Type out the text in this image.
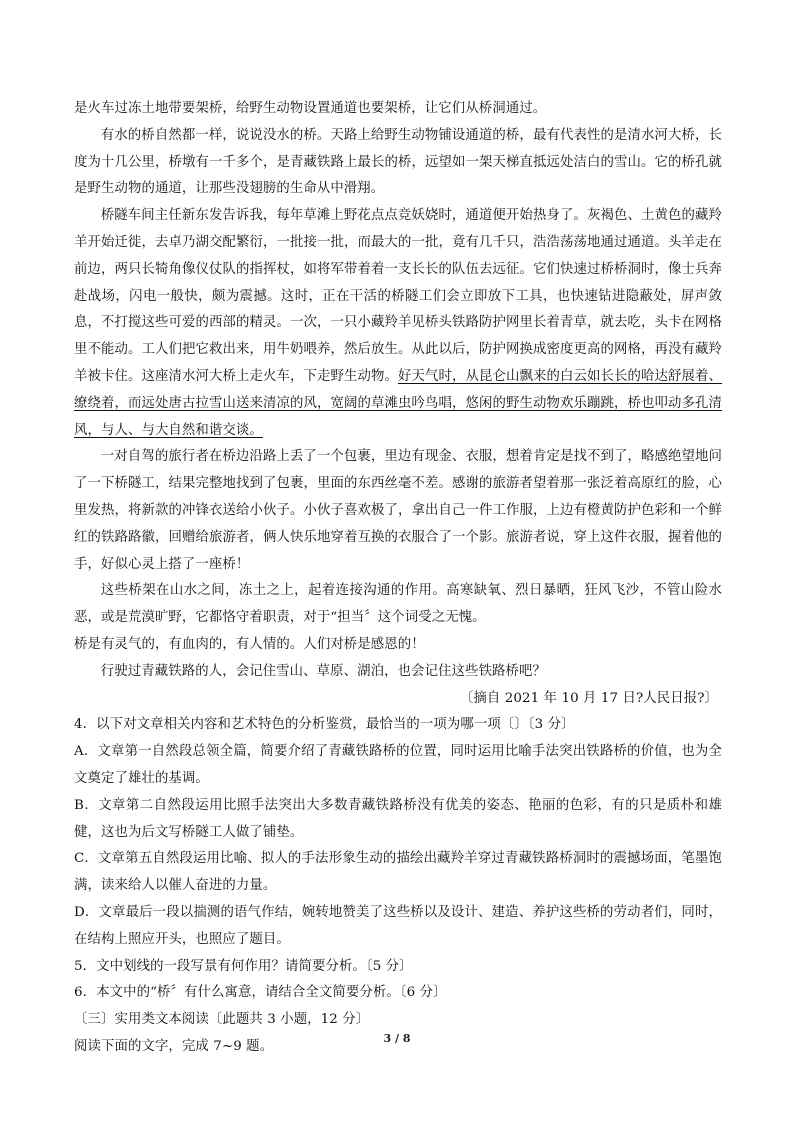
是火车过冻土地带要架桥，给野生动物设置通道也要架桥，让它们从桥洞通过。

有水的桥自然都一样，说说没水的桥。天路上给野生动物铺设通道的桥，最有代表性的是清水河大桥，长度为十几公里，桥墩有一千多个，是青藏铁路上最长的桥，远望如一架天梯直抵远处洁白的雪山。它的桥孔就是野生动物的通道，让那些没翅膀的生命从中滑翔。

桥隧车间主任新东发告诉我，每年草滩上野花点点竞妖娆时，通道便开始热身了。灰褐色、土黄色的藏羚羊开始迁徙，去卓乃湖交配繁衍，一批接一批，而最大的一批，竟有几千只，浩浩荡荡地通过通道。头羊走在前边，两只长犄角像仪仗队的指挥杖，如将军带着着一支长长的队伍去远征。它们快速过桥桥洞时，像士兵奔赴战场，闪电一般快，颇为震撼。这时，正在干活的桥隧工们会立即放下工具，也快速钻进隐蔽处，屏声敛息，不打搅这些可爱的西部的精灵。一次，一只小藏羚羊见桥头铁路防护网里长着青草，就去吃，头卡在网格里不能动。工人们把它救出来，用牛奶喂养，然后放生。从此以后，防护网换成密度更高的网格，再没有藏羚羊被卡住。这座清水河大桥上走火车，下走野生动物。好天气时，从昆仑山飘来的白云如长长的哈达舒展着、缭绕着，而远处唐古拉雪山送来清凉的风，宽阔的草滩虫吟鸟唱，悠闲的野生动物欢乐蹦跳，桥也叩动多孔清风，与人、与大自然和谐交谈。

一对自驾的旅行者在桥边沿路上丢了一个包裹，里边有现金、衣服，想着肯定是找不到了，略感绝望地问了一下桥隧工，结果完整地找到了包裹，里面的东西丝毫不差。感谢的旅游者望着那一张泛着高原红的脸，心里发热，将新款的冲锋衣送给小伙子。小伙子喜欢极了，拿出自己一件工作服，上边有橙黄防护色彩和一个鲜红的铁路路徽，回赠给旅游者，俩人快乐地穿着互换的衣服合了一个影。旅游者说，穿上这件衣服，握着他的手，好似心灵上搭了一座桥！

这些桥架在山水之间，冻土之上，起着连接沟通的作用。高寒缺氧、烈日暴晒，狂风飞沙，不管山险水恶，或是荒漠旷野，它都恪守着职责，对于“担当〞这个词受之无愧。

桥是有灵气的，有血肉的，有人情的。人们对桥是感恩的！

行驶过青藏铁路的人，会记住雪山、草原、湖泊，也会记住这些铁路桥吧？

〔摘自 2021 年 10 月 17 日?人民日报?〕

4．以下对文章相关内容和艺术特色的分析鉴赏，最恰当的一项为哪一项〔〕〔3 分〕

A．文章第一自然段总领全篇，简要介绍了青藏铁路桥的位置，同时运用比喻手法突出铁路桥的价值，也为全文奠定了雄壮的基调。

B．文章第二自然段运用比照手法突出大多数青藏铁路桥没有优美的姿态、艳丽的色彩，有的只是质朴和雄健，这也为后文写桥隧工人做了铺垫。

C．文章第五自然段运用比喻、拟人的手法形象生动的描绘出藏羚羊穿过青藏铁路桥洞时的震撼场面，笔墨饱满，读来给人以催人奋进的力量。

D．文章最后一段以揣测的语气作结，婉转地赞美了这些桥以及设计、建造、养护这些桥的劳动者们，同时，在结构上照应开头，也照应了题目。

5．文中划线的一段写景有何作用？请简要分析。〔5 分〕

6．本文中的“桥〞有什么寓意，请结合全文简要分析。〔6 分〕

〔三〕实用类文本阅读〔此题共 3 小题，12 分〕

阅读下面的文字，完成 7~9 题。

3 / 8
